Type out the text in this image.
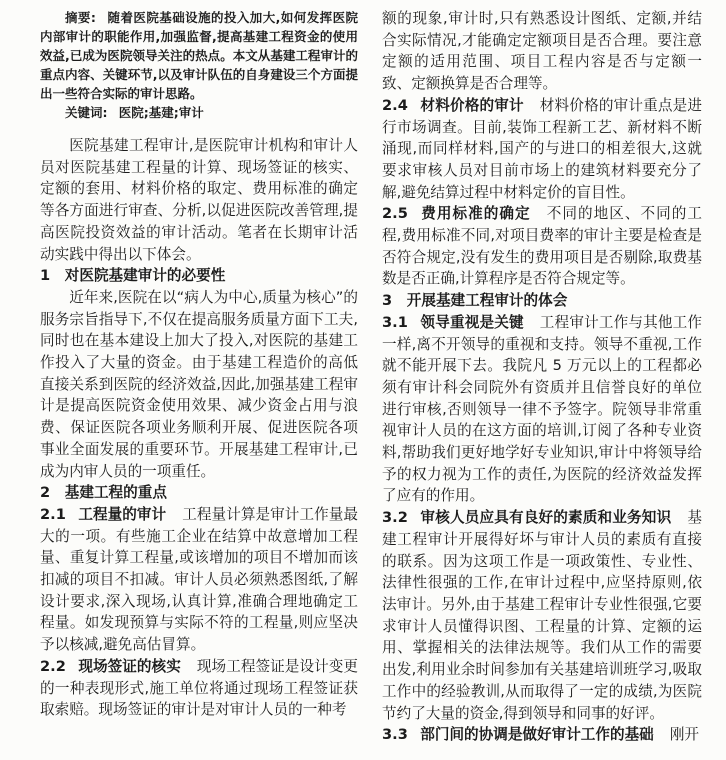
摘要: 随着医院基础设施的投入加大,如何发挥医院内部审计的职能作用,加强监督,提高基建工程资金的使用效益,已成为医院领导关注的热点。本文从基建工程审计的重点内容、关键环节,以及审计队伍的自身建设三个方面提出一些符合实际的审计思路。

关键词: 医院;基建;审计

医院基建工程审计,是医院审计机构和审计人员对医院基建工程量的计算、现场签证的核实、定额的套用、材料价格的取定、费用标准的确定等各方面进行审查、分析,以促进医院改善管理,提高医院投资效益的审计活动。笔者在长期审计活动实践中得出以下体会。

1 对医院基建审计的必要性

近年来,医院在以“病人为中心,质量为核心”的服务宗旨指导下,不仅在提高服务质量方面下工夫,同时也在基本建设上加大了投入,对医院的基建工作投入了大量的资金。由于基建工程造价的高低直接关系到医院的经济效益,因此,加强基建工程审计是提高医院资金使用效果、减少资金占用与浪费、保证医院各项业务顺利开展、促进医院各项事业全面发展的重要环节。开展基建工程审计,已成为内审人员的一项重任。

2 基建工程的重点

2.1 工程量的审计 工程量计算是审计工作量最大的一项。有些施工企业在结算中故意增加工程量、重复计算工程量,或该增加的项目不增加而该扣减的项目不扣减。审计人员必须熟悉图纸,了解设计要求,深入现场,认真计算,准确合理地确定工程量。如发现预算与实际不符的工程量,则应坚决予以核减,避免高估冒算。

2.2 现场签证的核实 现场工程签证是设计变更的一种表现形式,施工单位将通过现场工程签证获取索赔。现场签证的审计是对审计人员的一种考

额的现象,审计时,只有熟悉设计图纸、定额,并结合实际情况,才能确定定额项目是否合理。要注意定额的适用范围、项目工程内容是否与定额一致、定额换算是否合理等。

2.4 材料价格的审计 材料价格的审计重点是进行市场调查。目前,装饰工程新工艺、新材料不断涌现,而同样材料,国产的与进口的相差很大,这就要求审核人员对目前市场上的建筑材料要充分了解,避免结算过程中材料定价的盲目性。

2.5 费用标准的确定 不同的地区、不同的工程,费用标准不同,对项目费率的审计主要是检查是否符合规定,没有发生的费用项目是否剔除,取费基数是否正确,计算程序是否符合规定等。

3 开展基建工程审计的体会

3.1 领导重视是关键 工程审计工作与其他工作一样,离不开领导的重视和支持。领导不重视,工作就不能开展下去。我院凡 5 万元以上的工程都必须有审计科会同院外有资质并且信誉良好的单位进行审核,否则领导一律不予签字。院领导非常重视审计人员的在这方面的培训,订阅了各种专业资料,帮助我们更好地学好专业知识,审计中将领导给予的权力视为工作的责任,为医院的经济效益发挥了应有的作用。

3.2 审核人员应具有良好的素质和业务知识 基建工程审计开展得好坏与审计人员的素质有直接的联系。因为这项工作是一项政策性、专业性、法律性很强的工作,在审计过程中,应坚持原则,依法审计。另外,由于基建工程审计专业性很强,它要求审计人员懂得识图、工程量的计算、定额的运用、掌握相关的法律法规等。我们从工作的需要出发,利用业余时间参加有关基建培训班学习,吸取工作中的经验教训,从而取得了一定的成绩,为医院节约了大量的资金,得到领导和同事的好评。

3.3 部门间的协调是做好审计工作的基础 刚开
